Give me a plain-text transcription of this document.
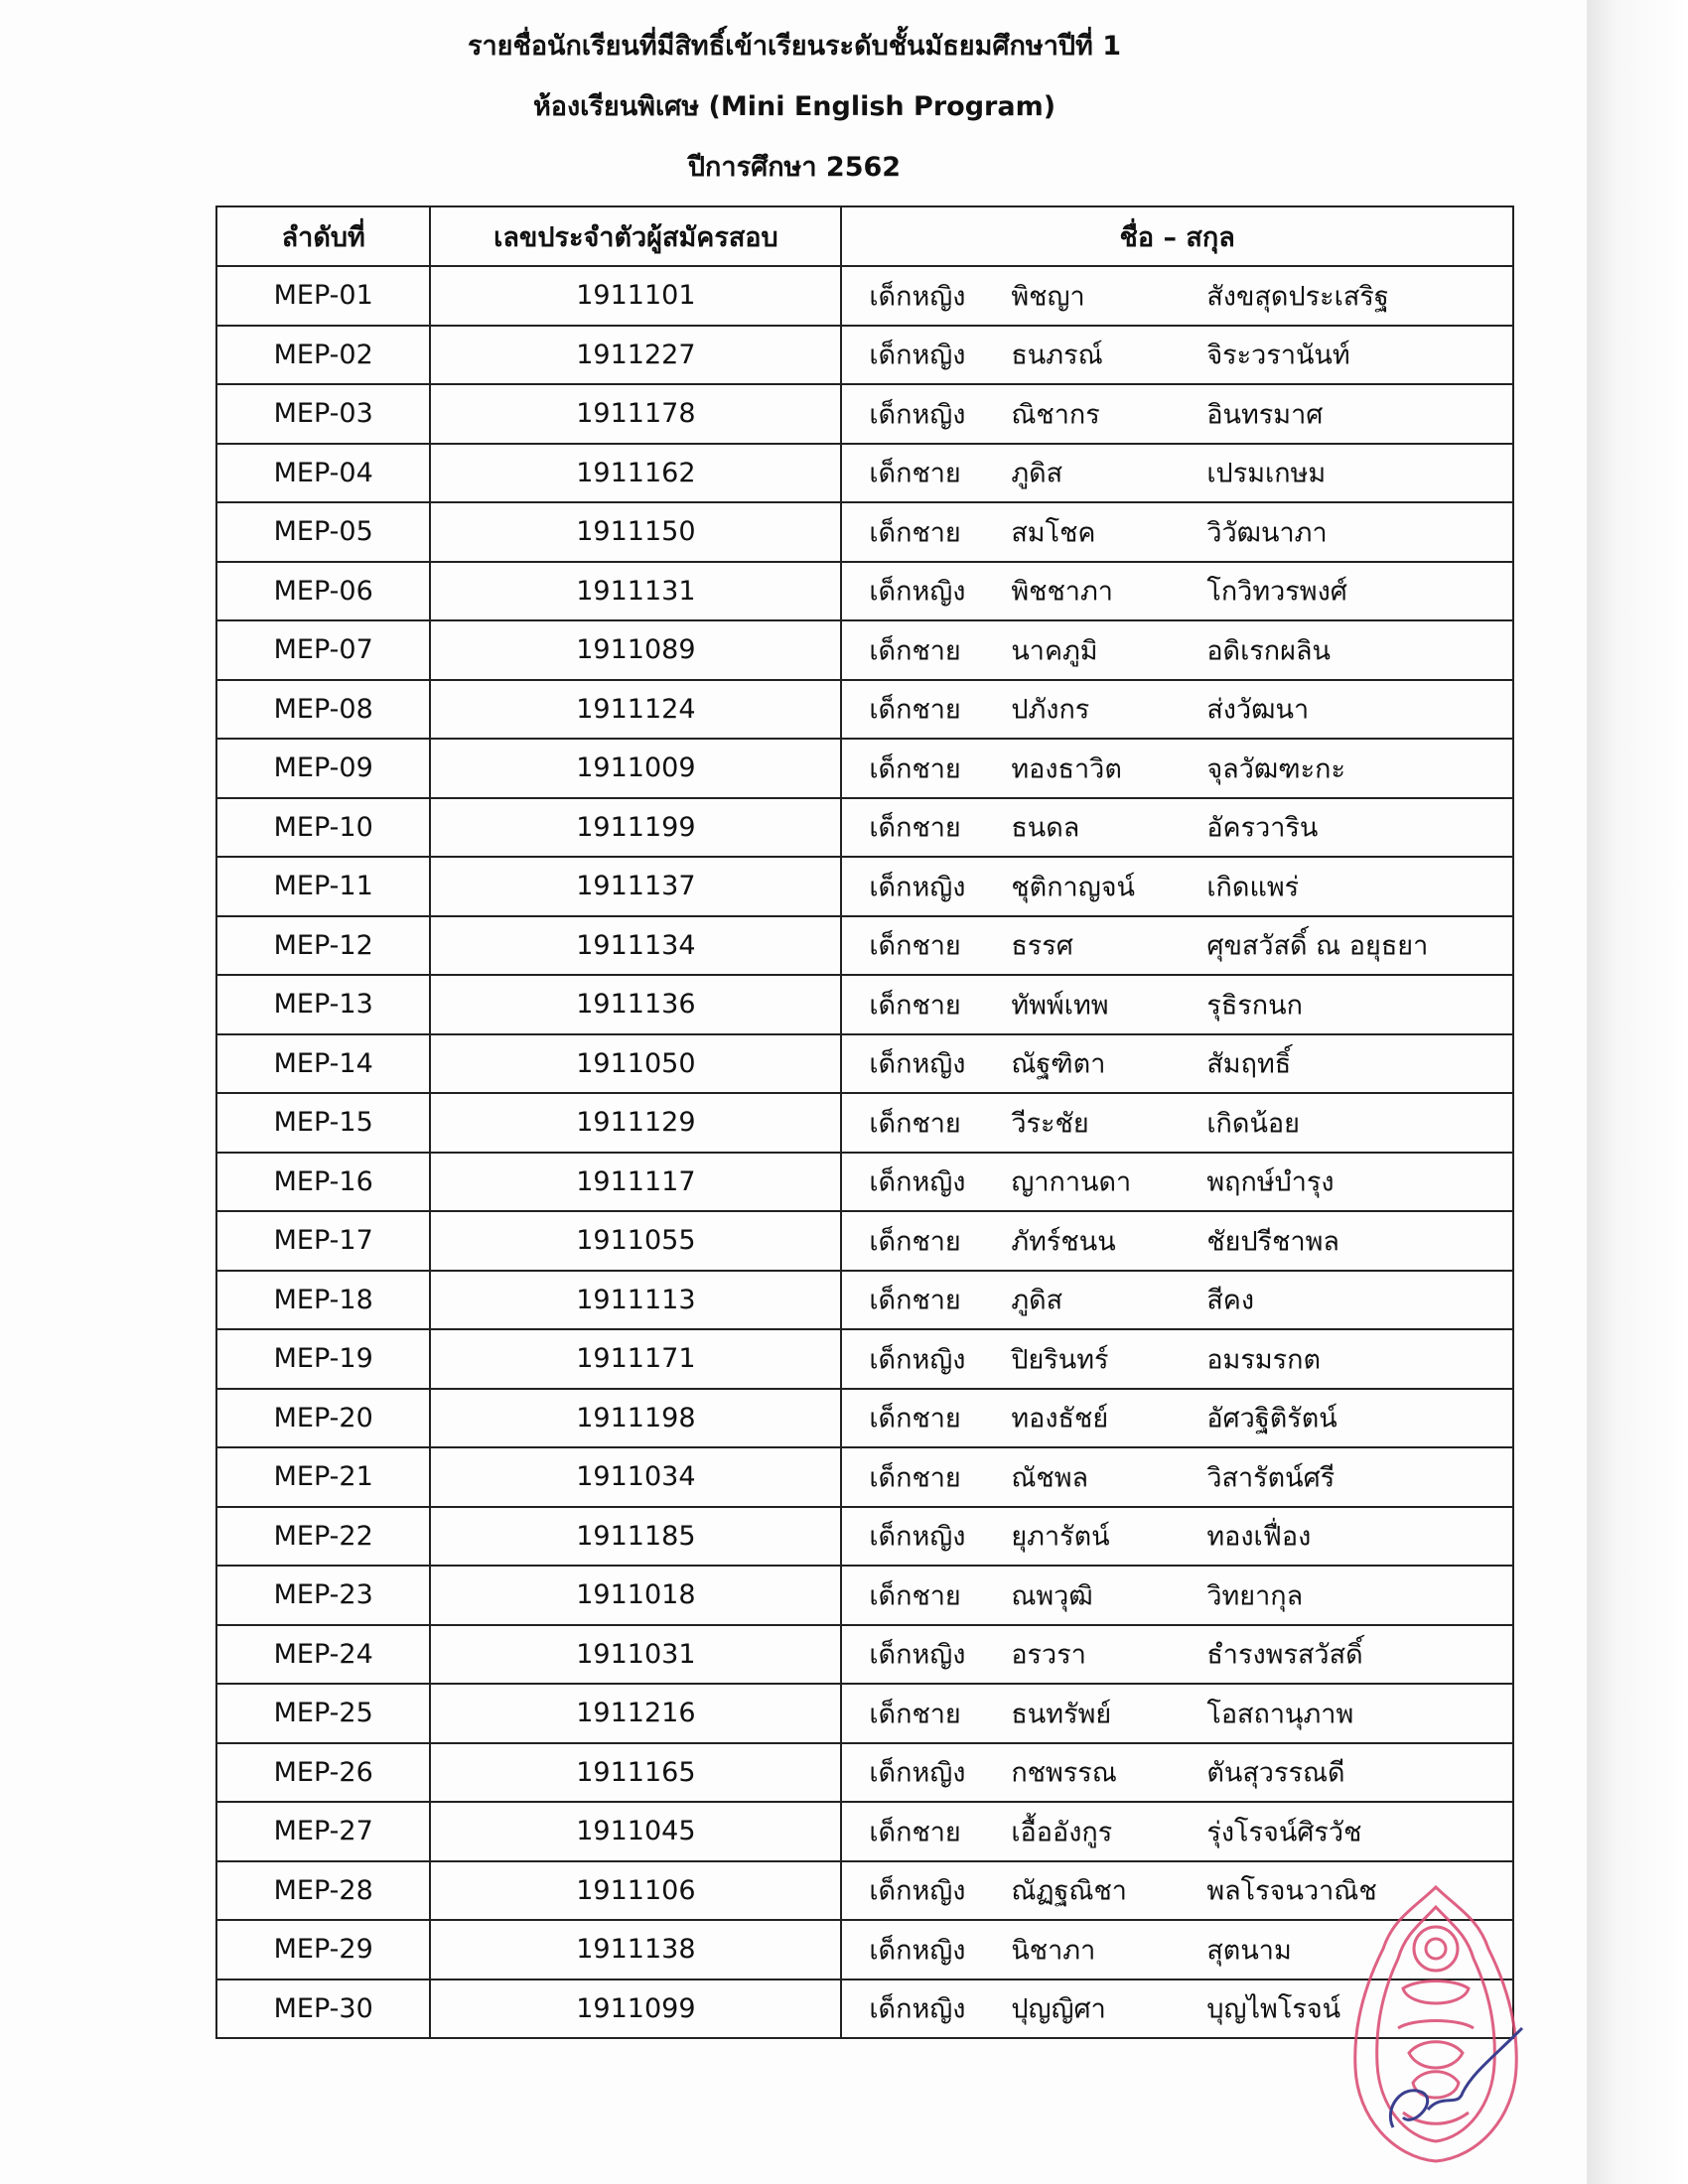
รายชื่อนักเรียนที่มีสิทธิ์เข้าเรียนระดับชั้นมัธยมศึกษาปีที่ 1
ห้องเรียนพิเศษ (Mini English Program)
ปีการศึกษา 2562
ลำดับที่	เลขประจำตัวผู้สมัครสอบ	ชื่อ – สกุล
MEP-01	1911101	เด็กหญิง พิชญา สังขสุดประเสริฐ

MEP-02	1911227	เด็กหญิง ธนภรณ์ จิระวรานันท์

MEP-03	1911178	เด็กหญิง ณิชากร อินทรมาศ

MEP-04	1911162	เด็กชาย ภูดิส เปรมเกษม

MEP-05	1911150	เด็กชาย สมโชค วิวัฒนาภา

MEP-06	1911131	เด็กหญิง พิชชาภา โกวิทวรพงศ์

MEP-07	1911089	เด็กชาย นาคภูมิ อดิเรกผลิน

MEP-08	1911124	เด็กชาย ปภังกร ส่งวัฒนา

MEP-09	1911009	เด็กชาย ทองธาวิต จุลวัฒฑะกะ

MEP-10	1911199	เด็กชาย ธนดล อัครวาริน

MEP-11	1911137	เด็กหญิง ชุติกาญจน์ เกิดแพร่

MEP-12	1911134	เด็กชาย ธรรศ ศุขสวัสดิ์ ณ อยุธยา

MEP-13	1911136	เด็กชาย ทัพพ์เทพ รุธิรกนก

MEP-14	1911050	เด็กหญิง ณัฐฑิตา สัมฤทธิ์

MEP-15	1911129	เด็กชาย วีระชัย เกิดน้อย

MEP-16	1911117	เด็กหญิง ญากานดา พฤกษ์บำรุง

MEP-17	1911055	เด็กชาย ภัทร์ชนน ชัยปรีชาพล

MEP-18	1911113	เด็กชาย ภูดิส สีคง

MEP-19	1911171	เด็กหญิง ปิยรินทร์ อมรมรกต

MEP-20	1911198	เด็กชาย ทองธัชย์ อัศวฐิติรัตน์

MEP-21	1911034	เด็กชาย ณัชพล วิสารัตน์ศรี

MEP-22	1911185	เด็กหญิง ยุภารัตน์ ทองเฟื่อง

MEP-23	1911018	เด็กชาย ณพวุฒิ วิทยากุล

MEP-24	1911031	เด็กหญิง อรวรา ธำรงพรสวัสดิ์

MEP-25	1911216	เด็กชาย ธนทรัพย์ โอสถานุภาพ

MEP-26	1911165	เด็กหญิง กชพรรณ ตันสุวรรณดี

MEP-27	1911045	เด็กชาย เอื้ออังกูร รุ่งโรจน์ศิรวัช

MEP-28	1911106	เด็กหญิง ณัฏฐณิชา พลโรจนวาณิช

MEP-29	1911138	เด็กหญิง นิชาภา สุตนาม

MEP-30	1911099	เด็กหญิง ปุญญิศา บุญไพโรจน์
